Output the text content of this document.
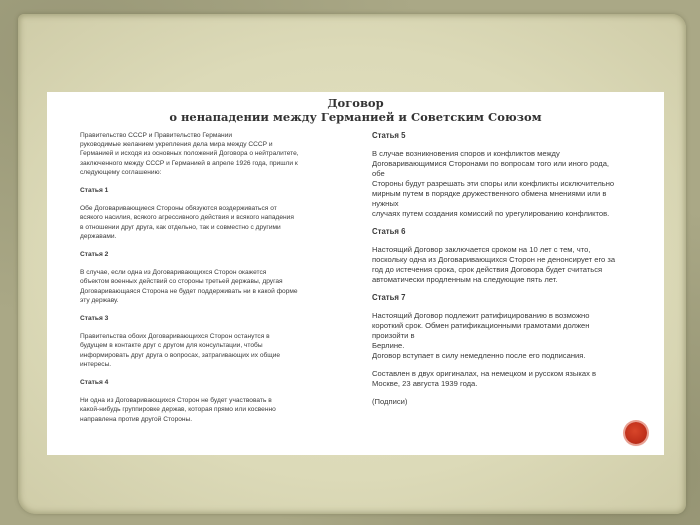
Договор
о ненападении между Германией и Советским Союзом

Правительство СССР и Правительство Германии
руководимые желанием укрепления дела мира между СССР и
Германией и исходя из основных положений Договора о нейтралитете,
заключенного между СССР и Германией в апреле 1926 года, пришли к
следующему соглашению:

Статья 1

Обе Договаривающиеся Стороны обязуются воздерживаться от
всякого насилия, всякого агрессивного действия и всякого нападения
в отношении друг друга, как отдельно, так и совместно с другими
державами.

Статья 2

В случае, если одна из Договаривающихся Сторон окажется
объектом военных действий со стороны третьей державы, другая
Договаривающаяся Сторона не будет поддерживать ни в какой форме
эту державу.

Статья 3

Правительства обоих Договаривающихся Сторон останутся в
будущем в контакте друг с другом для консультации, чтобы
информировать друг друга о вопросах, затрагивающих их общие
интересы.

Статья 4

Ни одна из Договаривающихся Сторон не будет участвовать в
какой-нибудь группировке держав, которая прямо или косвенно
направлена против другой Стороны.

Статья 5

В случае возникновения споров и конфликтов между
Договаривающимися Сторонами по вопросам того или иного рода,
обе
Стороны будут разрешать эти споры или конфликты исключительно
мирным путем в порядке дружественного обмена мнениями или в
нужных
случаях путем создания комиссий по урегулированию конфликтов.

Статья 6

Настоящий Договор заключается сроком на 10 лет с тем, что,
поскольку одна из Договаривающихся Сторон не денонсирует его за
год до истечения срока, срок действия Договора будет считаться
автоматически продленным на следующие пять лет.

Статья 7

Настоящий Договор подлежит ратифицированию в возможно
короткий срок. Обмен ратификационными грамотами должен
произойти в
Берлине.
Договор вступает в силу немедленно после его подписания.

Составлен в двух оригиналах, на немецком и русском языках в
Москве, 23 августа 1939 года.

(Подписи)
